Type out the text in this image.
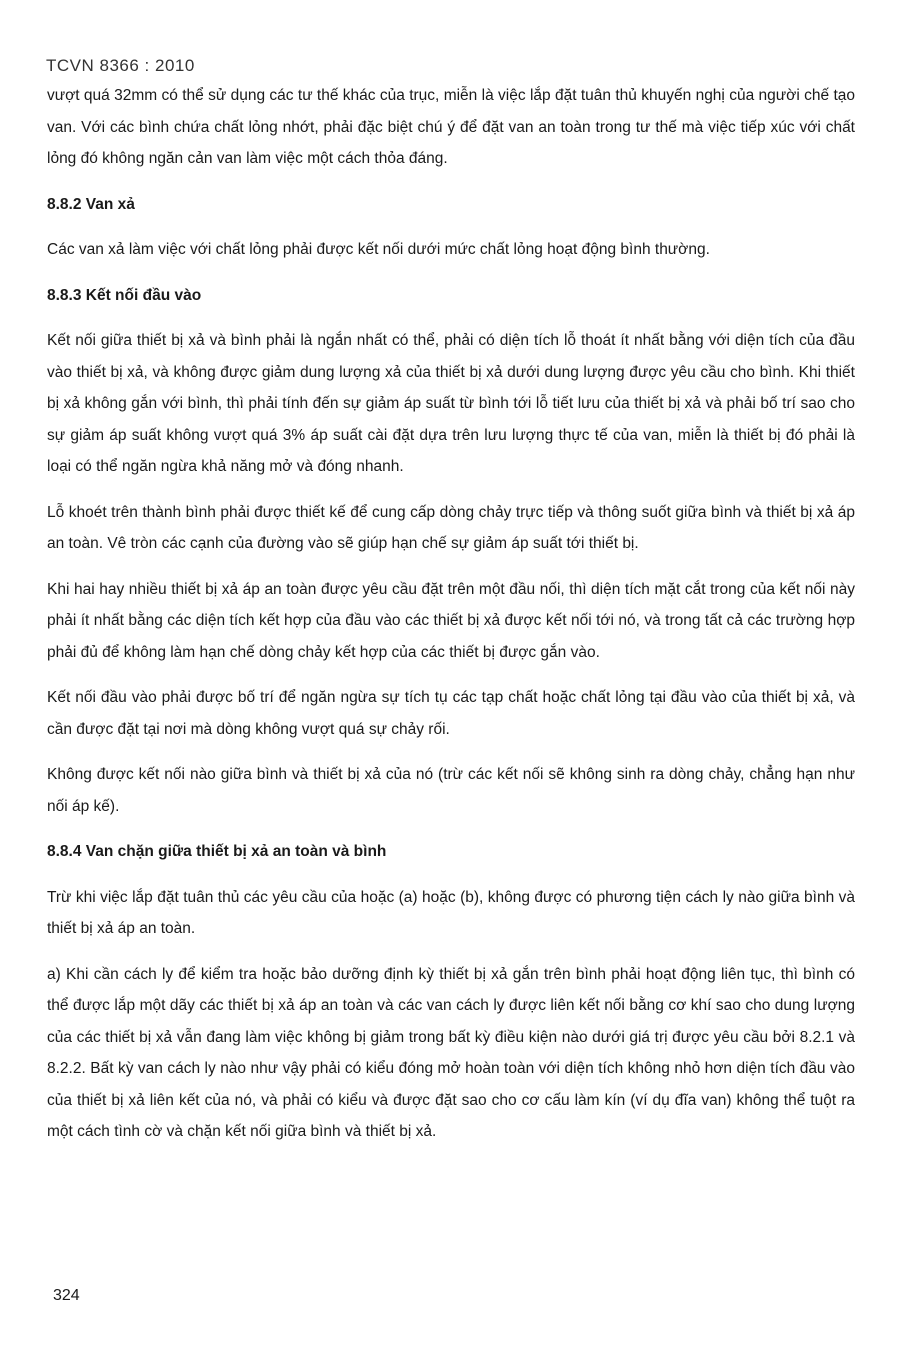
TCVN 8366 : 2010

vượt quá 32mm có thể sử dụng các tư thế khác của trục, miễn là việc lắp đặt tuân thủ khuyến nghị của người chế tạo van. Với các bình chứa chất lỏng nhớt, phải đặc biệt chú ý để đặt van an toàn trong tư thế mà việc tiếp xúc với chất lỏng đó không ngăn cản van làm việc một cách thỏa đáng.

8.8.2 Van xả

Các van xả làm việc với chất lỏng phải được kết nối dưới mức chất lỏng hoạt động bình thường.

8.8.3 Kết nối đầu vào

Kết nối giữa thiết bị xả và bình phải là ngắn nhất có thể, phải có diện tích lỗ thoát ít nhất bằng với diện tích của đầu vào thiết bị xả, và không được giảm dung lượng xả của thiết bị xả dưới dung lượng được yêu cầu cho bình. Khi thiết bị xả không gắn với bình, thì phải tính đến sự giảm áp suất từ bình tới lỗ tiết lưu của thiết bị xả và phải bố trí sao cho sự giảm áp suất không vượt quá 3% áp suất cài đặt dựa trên lưu lượng thực tế của van, miễn là thiết bị đó phải là loại có thể ngăn ngừa khả năng mở và đóng nhanh.

Lỗ khoét trên thành bình phải được thiết kế để cung cấp dòng chảy trực tiếp và thông suốt giữa bình và thiết bị xả áp an toàn. Vê tròn các cạnh của đường vào sẽ giúp hạn chế sự giảm áp suất tới thiết bị.

Khi hai hay nhiều thiết bị xả áp an toàn được yêu cầu đặt trên một đầu nối, thì diện tích mặt cắt trong của kết nối này phải ít nhất bằng các diện tích kết hợp của đầu vào các thiết bị xả được kết nối tới nó, và trong tất cả các trường hợp phải đủ để không làm hạn chế dòng chảy kết hợp của các thiết bị được gắn vào.

Kết nối đầu vào phải được bố trí để ngăn ngừa sự tích tụ các tạp chất hoặc chất lỏng tại đầu vào của thiết bị xả, và cần được đặt tại nơi mà dòng không vượt quá sự chảy rối.

Không được kết nối nào giữa bình và thiết bị xả của nó (trừ các kết nối sẽ không sinh ra dòng chảy, chẳng hạn như nối áp kế).

8.8.4 Van chặn giữa thiết bị xả an toàn và bình

Trừ khi việc lắp đặt tuân thủ các yêu cầu của hoặc (a) hoặc (b), không được có phương tiện cách ly nào giữa bình và thiết bị xả áp an toàn.

a) Khi cần cách ly để kiểm tra hoặc bảo dưỡng định kỳ thiết bị xả gắn trên bình phải hoạt động liên tục, thì bình có thể được lắp một dãy các thiết bị xả áp an toàn và các van cách ly được liên kết nối bằng cơ khí sao cho dung lượng của các thiết bị xả vẫn đang làm việc không bị giảm trong bất kỳ điều kiện nào dưới giá trị được yêu cầu bởi 8.2.1 và 8.2.2. Bất kỳ van cách ly nào như vậy phải có kiểu đóng mở hoàn toàn với diện tích không nhỏ hơn diện tích đầu vào của thiết bị xả liên kết của nó, và phải có kiểu và được đặt sao cho cơ cấu làm kín (ví dụ đĩa van) không thể tuột ra một cách tình cờ và chặn kết nối giữa bình và thiết bị xả.

324
